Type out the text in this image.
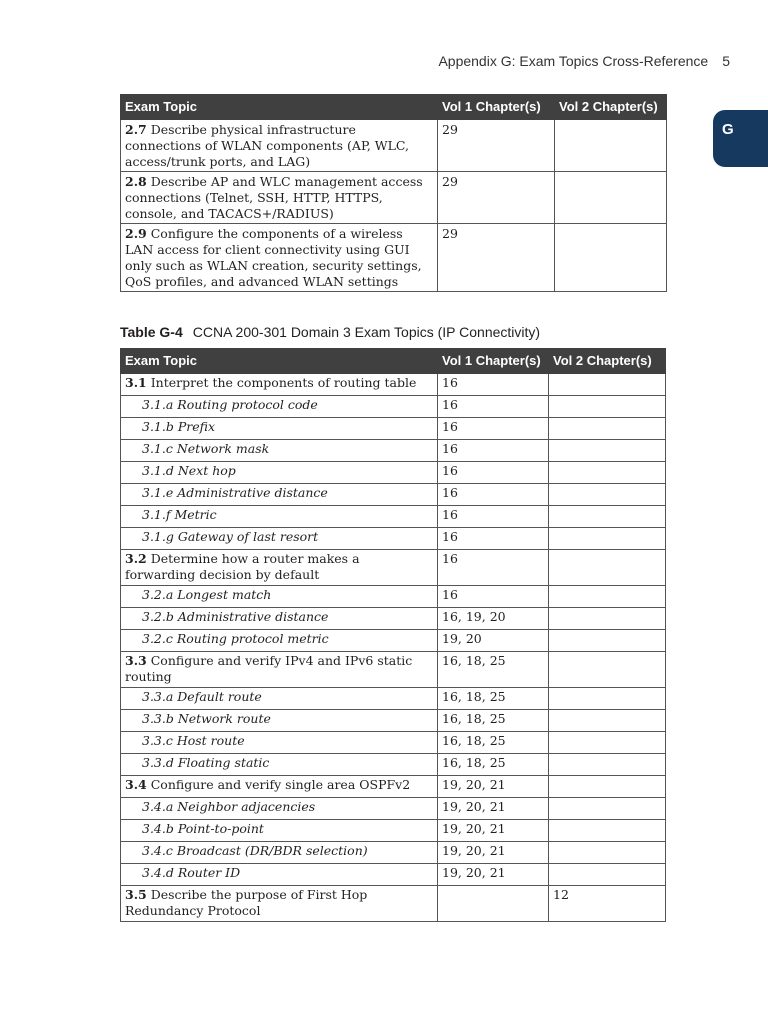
Appendix G: Exam Topics Cross-Reference 5
G
Exam Topic	Vol 1 Chapter(s)	Vol 2 Chapter(s)
2.7 Describe physical infrastructure connections of WLAN components (AP, WLC, access/trunk ports, and LAG)	29	
2.8 Describe AP and WLC management access connections (Telnet, SSH, HTTP, HTTPS, console, and TACACS+/RADIUS)	29	
2.9 Configure the components of a wireless LAN access for client connectivity using GUI only such as WLAN creation, security settings, QoS profiles, and advanced WLAN settings	29	
Table G-4 CCNA 200-301 Domain 3 Exam Topics (IP Connectivity)
Exam Topic	Vol 1 Chapter(s)	Vol 2 Chapter(s)
3.1 Interpret the components of routing table	16	
3.1.a Routing protocol code	16	
3.1.b Prefix	16	
3.1.c Network mask	16	
3.1.d Next hop	16	
3.1.e Administrative distance	16	
3.1.f Metric	16	
3.1.g Gateway of last resort	16	
3.2 Determine how a router makes a forwarding decision by default	16	
3.2.a Longest match	16	
3.2.b Administrative distance	16, 19, 20	
3.2.c Routing protocol metric	19, 20	
3.3 Configure and verify IPv4 and IPv6 static routing	16, 18, 25	
3.3.a Default route	16, 18, 25	
3.3.b Network route	16, 18, 25	
3.3.c Host route	16, 18, 25	
3.3.d Floating static	16, 18, 25	
3.4 Configure and verify single area OSPFv2	19, 20, 21	
3.4.a Neighbor adjacencies	19, 20, 21	
3.4.b Point-to-point	19, 20, 21	
3.4.c Broadcast (DR/BDR selection)	19, 20, 21	
3.4.d Router ID	19, 20, 21	
3.5 Describe the purpose of First Hop Redundancy Protocol		12
